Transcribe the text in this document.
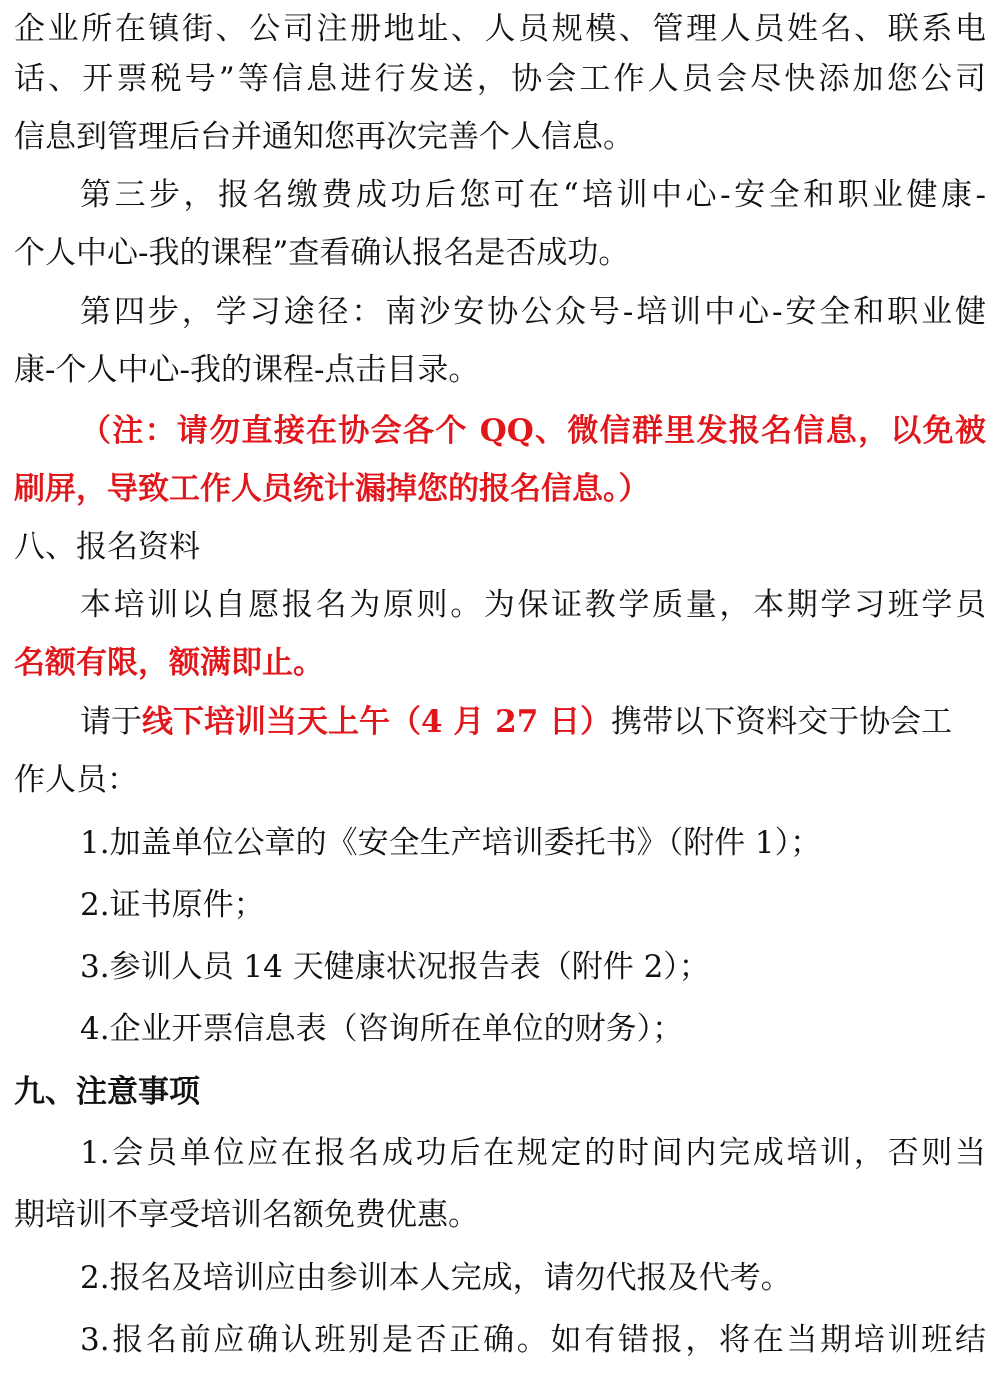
企业所在镇街、公司注册地址、人员规模、管理人员姓名、联系电
话、开票税号”等信息进行发送，协会工作人员会尽快添加您公司
信息到管理后台并通知您再次完善个人信息。
第三步，报名缴费成功后您可在“培训中心-安全和职业健康-
个人中心-我的课程”查看确认报名是否成功。
第四步，学习途径：南沙安协公众号-培训中心-安全和职业健
康-个人中心-我的课程-点击目录。
（注：请勿直接在协会各个 QQ、微信群里发报名信息，以免被
刷屏，导致工作人员统计漏掉您的报名信息。）
八、报名资料
本培训以自愿报名为原则。为保证教学质量，本期学习班学员
名额有限，额满即止。
请于线下培训当天上午（4 月 27 日）携带以下资料交于协会工
作人员：
1.加盖单位公章的《安全生产培训委托书》（附件 1）；
2.证书原件；
3.参训人员 14 天健康状况报告表（附件 2）；
4.企业开票信息表（咨询所在单位的财务）；
九、注意事项
1.会员单位应在报名成功后在规定的时间内完成培训，否则当
期培训不享受培训名额免费优惠。
2.报名及培训应由参训本人完成，请勿代报及代考。
3.报名前应确认班别是否正确。如有错报，将在当期培训班结
